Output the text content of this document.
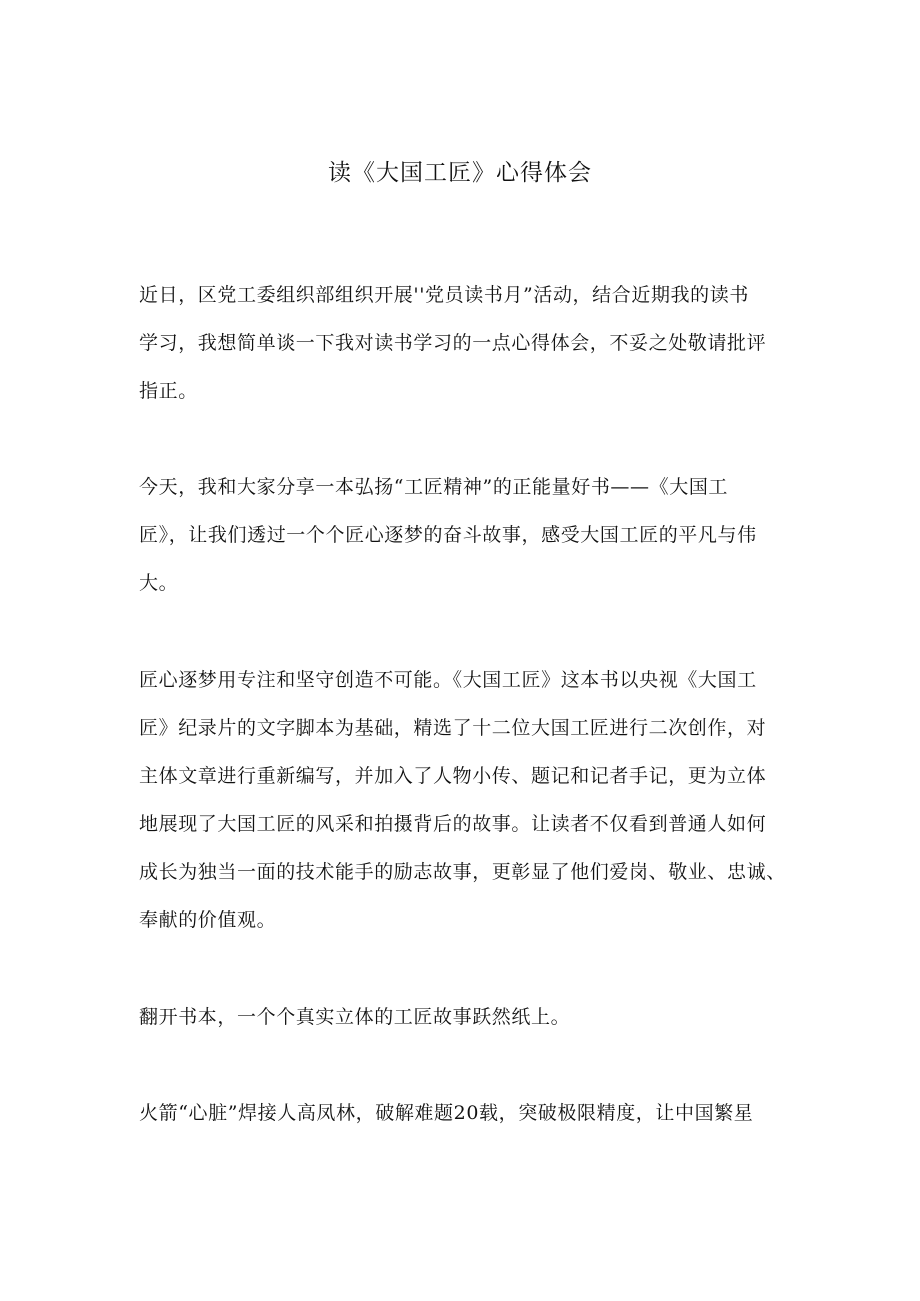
读《大国工匠》心得体会
近日，区党工委组织部组织开展''党员读书月”活动，结合近期我的读书
学习，我想简单谈一下我对读书学习的一点心得体会，不妥之处敬请批评
指正。
今天，我和大家分享一本弘扬“工匠精神”的正能量好书——《大国工
匠》，让我们透过一个个匠心逐梦的奋斗故事，感受大国工匠的平凡与伟
大。
匠心逐梦用专注和坚守创造不可能。《大国工匠》这本书以央视《大国工
匠》纪录片的文字脚本为基础，精选了十二位大国工匠进行二次创作，对
主体文章进行重新编写，并加入了人物小传、题记和记者手记，更为立体
地展现了大国工匠的风采和拍摄背后的故事。让读者不仅看到普通人如何
成长为独当一面的技术能手的励志故事，更彰显了他们爱岗、敬业、忠诚、
奉献的价值观。
翻开书本，一个个真实立体的工匠故事跃然纸上。
火箭“心脏”焊接人高凤林，破解难题20载，突破极限精度，让中国繁星
